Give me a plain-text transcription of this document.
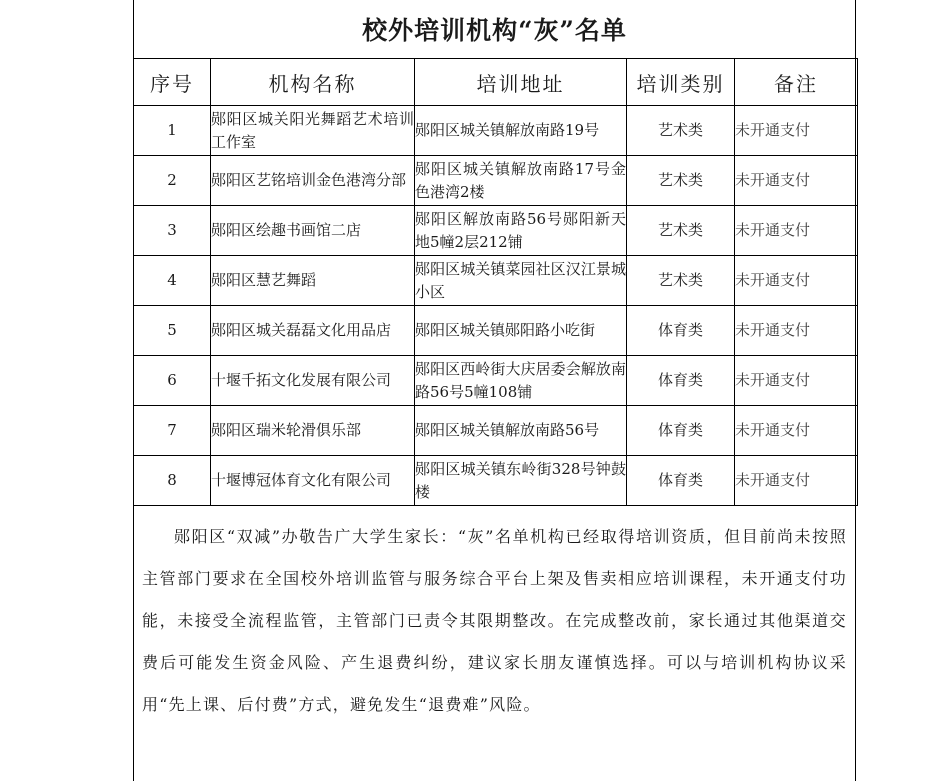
校外培训机构“灰”名单
序号	机构名称	培训地址	培训类别	备注
1	郧阳区城关阳光舞蹈艺术培训工作室	郧阳区城关镇解放南路19号	艺术类	未开通支付
2	郧阳区艺铭培训金色港湾分部	郧阳区城关镇解放南路17号金色港湾2楼	艺术类	未开通支付
3	郧阳区绘趣书画馆二店	郧阳区解放南路56号郧阳新天地5幢2层212铺	艺术类	未开通支付
4	郧阳区慧艺舞蹈	郧阳区城关镇菜园社区汉江景城小区	艺术类	未开通支付
5	郧阳区城关磊磊文化用品店	郧阳区城关镇郧阳路小吃街	体育类	未开通支付
6	十堰千拓文化发展有限公司	郧阳区西岭街大庆居委会解放南路56号5幢108铺	体育类	未开通支付
7	郧阳区瑞米轮滑俱乐部	郧阳区城关镇解放南路56号	体育类	未开通支付
8	十堰博冠体育文化有限公司	郧阳区城关镇东岭街328号钟鼓楼	体育类	未开通支付
郧阳区“双减”办敬告广大学生家长：“灰”名单机构已经取得培训资质，但目前尚未按照主管部门要求在全国校外培训监管与服务综合平台上架及售卖相应培训课程，未开通支付功能，未接受全流程监管，主管部门已责令其限期整改。在完成整改前，家长通过其他渠道交费后可能发生资金风险、产生退费纠纷，建议家长朋友谨慎选择。可以与培训机构协议采用“先上课、后付费”方式，避免发生“退费难”风险。
